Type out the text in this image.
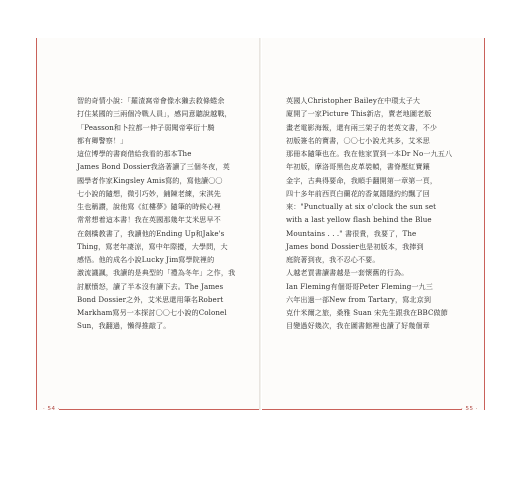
智的奇情小說：「羅渣窩帝會像水獺去救條蜷余
打住某國的三兩個冷戰人員」，感同意聽說越戰，
「Peasson和卜拉都一伸子弱聞帝寧衍十騎
都有卿警察！」

這位博學的書商借給我看的那本The
James Bond Dossier我洛著讀了三個冬夜，英
國學者作家Kingsley Amis寫的，寫他讀〇〇
七小說的隨想，微引巧妙，鋪陳老練，宋淇先
生也稱讚，說他寫《紅樓夢》隨筆的時候心裡
常常想着這本書！我在英國那幾年艾米思早不
在劍橋教書了，我讀他的Ending Up和Jake's
Thing，寫老年凄涼，寫中年際擾，大學問，大
感悟。他的成名小說Lucky Jim寫學院裡的
激流譏諷，我讀的是典型的「禮為冬年」之作，我
討厭憤怒，讀了半本沒有讀下去。The James
Bond Dossier之外，艾米思還用筆名Robert
Markham寫另一本探討〇〇七小說的Colonel
Sun，我翻過，懶得推敲了。

· 54 ·

英國人Christopher Bailey在中環太子大
廈開了一家Picture This新店，賣老地圖老版
畫老電影海報，還有兩三架子的老英文書，不少
初版簽名的寶書，〇〇七小說尤其多，艾米思
那冊本隨筆也在。我在他家買到一本Dr No一九五八
年初版，摩洛哥黑色皮革裝幀，書脊壓紅寶鑲
金字，古典得要命，我順手翻開第一章第一頁，
四十多年前西頁白蘭花的香氣隱隱約約飄了回
來："Punctually at six o'clock the sun set
with a last yellow flash behind the Blue
Mountains . . ." 書很貴，我要了，The
James bond Dossier也是初版本，我捧到
庭院著到夜，我不忍心不要。

人越老買書讀書越是一套懷舊的行為。
Ian Fleming有個哥哥Peter Fleming一九三
六年出過一部New from Tartary，寫北京到
克什米爾之旅，桑雅 Suan 宋先生跟我在BBC做節
目變過好幾次，我在圖書館裡也讀了好幾個章

· 55 ·
